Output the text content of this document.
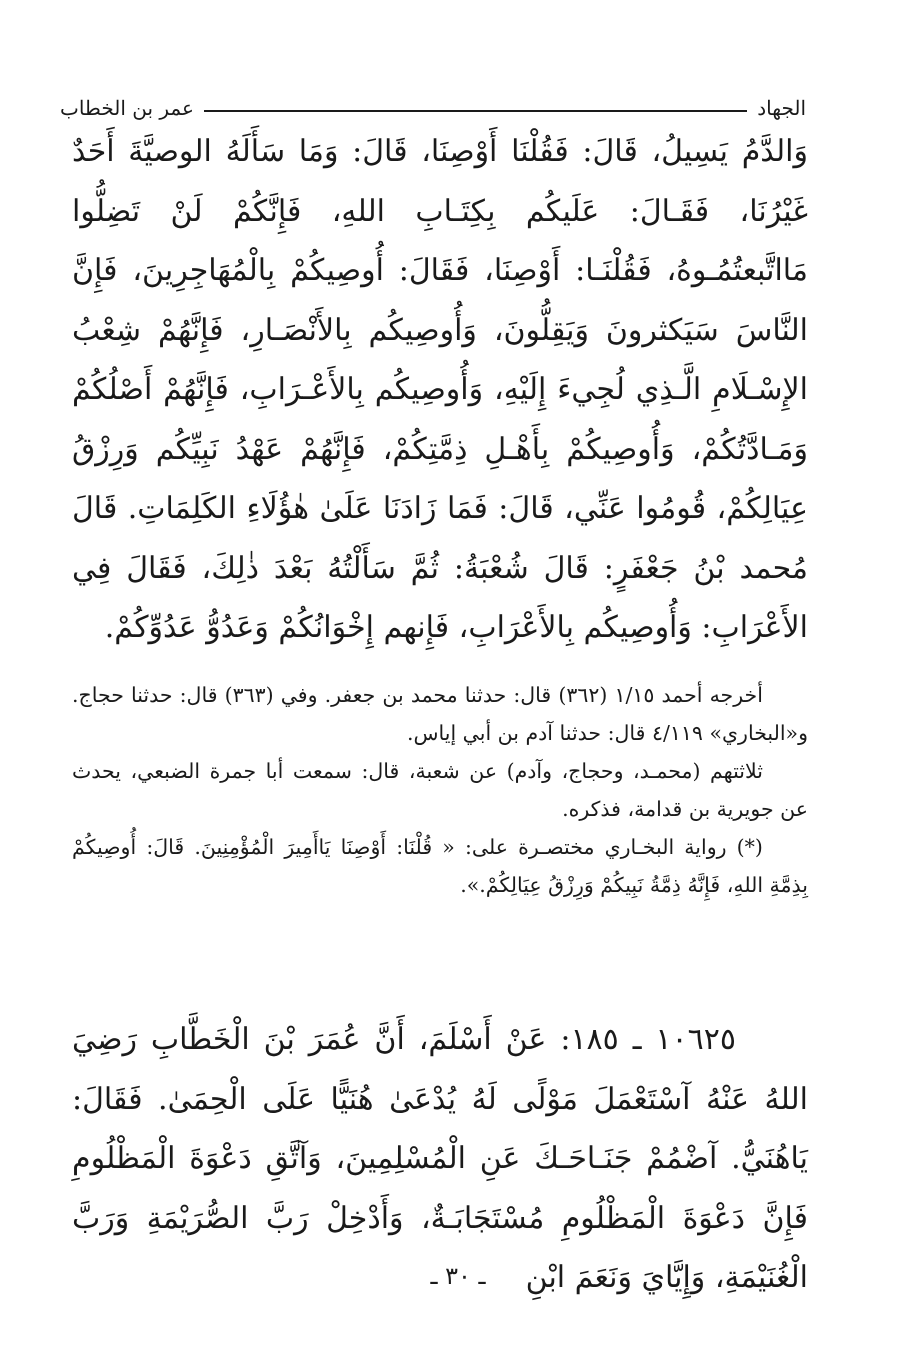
الجهاد
عمر بن الخطاب

وَالدَّمُ يَسِيلُ، قَالَ: فَقُلْنَا أَوْصِنَا، قَالَ: وَمَا سَأَلَهُ الوصيَّةَ أَحَدٌ غَيْرُنَا، فَقَـالَ: عَلَيكُم بِكِتَـابِ اللهِ، فَإِنَّكُمْ لَنْ تَضِلُّوا مَااتَّبعتُمُـوهُ، فَقُلْنَـا: أَوْصِنَا، فَقَالَ: أُوصِيكُمْ بِالْمُهَاجِرِينَ، فَإِنَّ النَّاسَ سَيَكثرونَ وَيَقِلُّونَ، وَأُوصِيكُم بِالأَنْصَـارِ، فَإِنَّهُمْ شِعْبُ الإِسْـلَامِ الَّـذِي لُجِيءَ إِلَيْهِ، وَأُوصِيكُم بِالأَعْـرَابِ، فَإِنَّهُمْ أَصْلُكُمْ وَمَـادَّتُكُمْ، وَأُوصِيكُمْ بِأَهْـلِ ذِمَّتِكُمْ، فَإِنَّهُمْ عَهْدُ نَبِيِّكُم وَرِزْقُ عِيَالِكُمْ، قُومُوا عَنِّي، قَالَ: فَمَا زَادَنَا عَلَىٰ هٰؤُلَاءِ الكَلِمَاتِ. قَالَ مُحمد بْنُ جَعْفَرٍ: قَالَ شُعْبَةُ: ثُمَّ سَأَلْتُهُ بَعْدَ ذٰلِكَ، فَقَالَ فِي الأَعْرَابِ: وَأُوصِيكُم بِالأَعْرَابِ، فَإِنهم إِخْوَانُكُمْ وَعَدُوُّ عَدُوِّكُمْ.

أخرجه أحمد ١/١٥ (٣٦٢) قال: حدثنا محمد بن جعفر. وفي (٣٦٣) قال: حدثنا حجاج. و«البخاري» ٤/١١٩ قال: حدثنا آدم بن أبي إياس.

ثلاثتهم (محمـد، وحجاج، وآدم) عن شعبة، قال: سمعت أبا جمرة الضبعي، يحدث عن جويرية بن قدامة، فذكره.

(*) رواية البخـاري مختصـرة على: « قُلْنَا: أَوْصِنَا يَاأَمِيرَ الْمُؤْمِنِينَ. قَالَ: أُوصِيكُمْ بِذِمَّةِ اللهِ، فَإِنَّهُ ذِمَّةُ نَبِيكُمْ وَرِزْقُ عِيَالِكُمْ.».

١٠٦٢٥ ـ ١٨٥: عَنْ أَسْلَمَ، أَنَّ عُمَرَ بْنَ الْخَطَّابِ رَضِيَ اللهُ عَنْهُ آسْتَعْمَلَ مَوْلًى لَهُ يُدْعَىٰ هُنَيًّا عَلَى الْحِمَىٰ. فَقَالَ: يَاهُنَيُّ. آضْمُمْ جَنَـاحَـكَ عَنِ الْمُسْلِمِينَ، وَآتَّقِ دَعْوَةَ الْمَظْلُومِ فَإِنَّ دَعْوَةَ الْمَظْلُومِ مُسْتَجَابَـةٌ، وَأَدْخِلْ رَبَّ الصُّرَيْمَةِ وَرَبَّ الْغُنَيْمَةِ، وَإِيَّايَ وَنَعَمَ ابْنِ

ـ ٣٠ ـ
